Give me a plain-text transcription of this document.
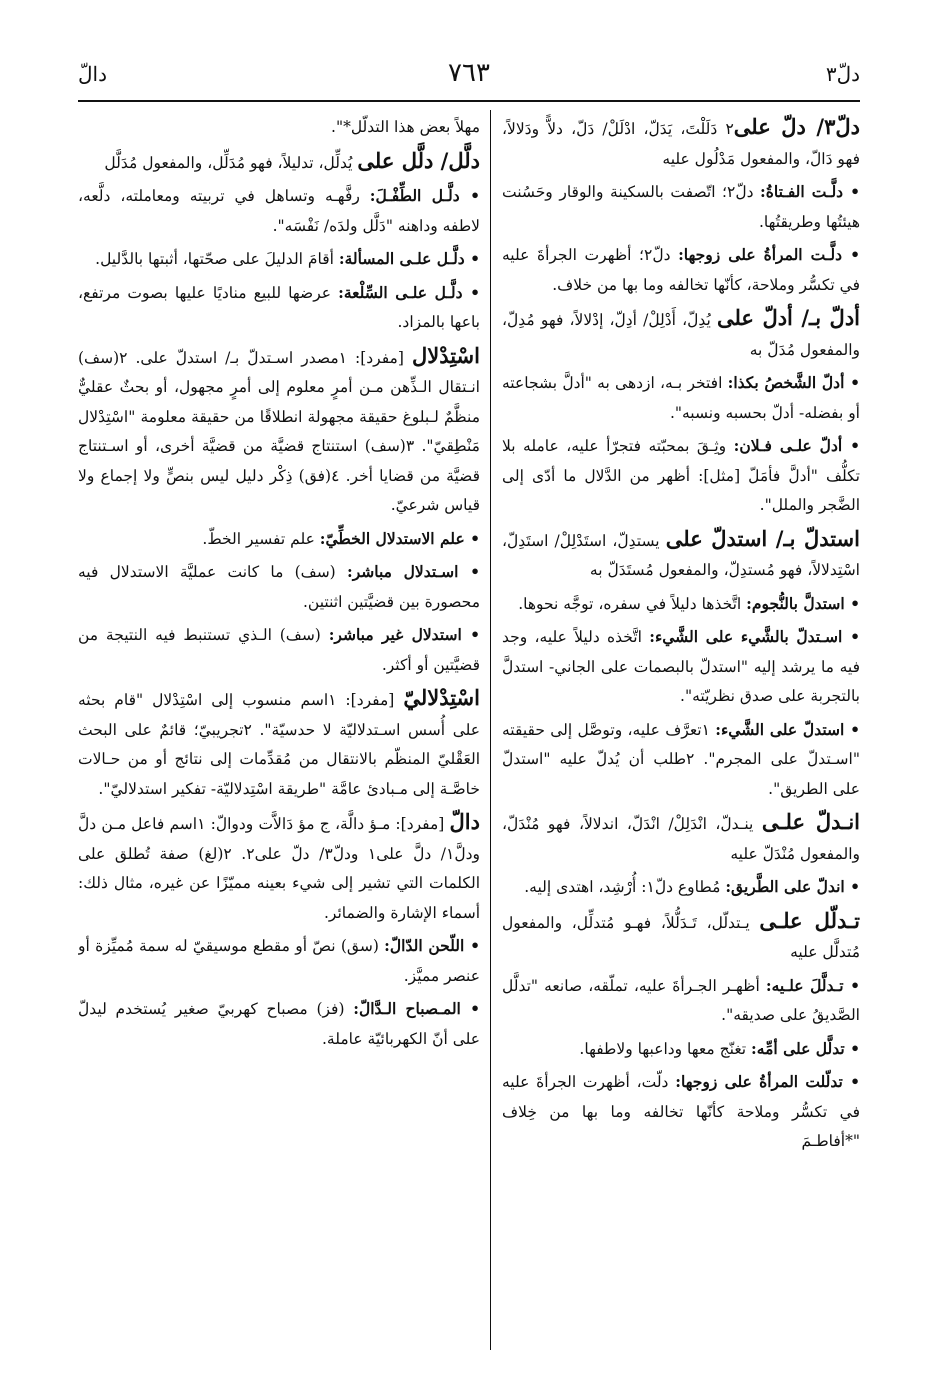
دالّ	٧٦٣	دلّ٣

دلّ٣/ دلّ على٢ دَلَلْتَ، يَدَلّ، ادْلَلْ/ دَلّ، دلاًّ ودَلالاً، فهو دَالّ، والمفعول مَدْلُول عليه

• دلَّـت الفـتاةُ: دلّ٢؛ اتّصفت بالسكينة والوقار وحَسُنت هيئتُها وطريقتُها.

• دلَّـت المرأةُ على زوجها: دلّ٢؛ أظهرت الجرأةَ عليه في تكسُّر وملاحة، كأنّها تخالفه وما بها من خلاف.

أدلّ بـ/ أدلّ على يُدِلّ، أَدْلِلْ/ أدِلّ، إدْلالاً، فهو مُدِلّ، والمفعول مُدَلّ به

• أدلّ الشَّخصُ بكذا: افتخر بـه، ازدهى به "أدلَّ بشجاعته أو بفضله- أدلّ بحسبه ونسبه".

• أدلّ علـى فـلان: وثِـقَ بمحبّته فتجرّأ عليه، عامله بلا تكلُّف "أدلَّ فأمَلّ [مثل]: أظهر من الدَّلال ما أدّى إلى الضَّجر والملل".

استدلّ بـ/ استدلّ على يستدِلّ، استَدْلِلْ/ استَدِلّ، اسْتِدلالاً، فهو مُستدِلّ، والمفعول مُستَدَلّ به

• استدلَّ بالنُّجوم: اتَّخذها دليلاً في سفره، توجَّه نحوها.

• اسـتدلّ بالشَّيء على الشَّيء: اتَّخذه دليلاً عليه، وجد فيه ما يرشد إليه "استدلّ بالبصمات على الجاني- استدلَّ بالتجربة على صدق نظريّته".

• استدلّ على الشَّيء: ١تعرَّف عليه، وتوصَّل إلى حقيقته "اسـتدلّ على المجرم". ٢طلب أن يُدلّ عليه "استدلّ على الطريق".

انـدلّ علـى ينـدلّ، انْدَلِلْ/ انْدَلّ، اندلالاً، فهو مُنْدَلّ، والمفعول مُنْدَلّ عليه

• اندلّ على الطَّريق: مُطاوع دلّ١: أُرْشِد، اهتدى إليه.

تـدلّل علـى يـتدلّل، تَـدَلُّلاً، فهـو مُتدلِّل، والمفعول مُتدلَّل عليه

• تـدلَّلَ علـيه: أظهـر الجـرأةَ عليه، تملّقه، صانعه "تدلَّل الصَّديقُ على صديقه".

• تدلَّل على أمِّه: تغنّج معها وداعبها ولاطفها.

• تدلّلت المرأةُ على زوجها: دلّت، أظهرت الجرأةَ عليه في تكسُّر وملاحة كأنّها تخالفه وما بها من خِلاف "*أفاطـمَ

مهلاً بعض هذا التدلّل*".

دلَّل/ دلَّل على يُدلِّل، تدليلاً، فهو مُدَلِّل، والمفعول مُدَلَّل

• دلَّـل الطِّفْـلَ: رفَّهـه وتساهل في تربيته ومعاملته، دلَّعه، لاطفه وداهنه "دَلَّل ولدَه/ نَفْسَه".

• دلَّـل علـى المسألة: أقامَ الدليلَ على صحّتها، أثبتها بالدَّليل.

• دلَّـل علـى السِّلْعة: عرضها للبيع مناديًا عليها بصوت مرتفع، باعها بالمزاد.

اسْتِدْلال [مفرد]: ١مصدر اسـتدلّ بـ/ استدلّ على. ٢(سف) انـتقال الـذِّهن مـن أمرٍ معلوم إلى أمرٍ مجهول، أو بحثٌ عقليٌّ منظَّمٌ لـبلوغ حقيقة مجهولة انطلاقًا من حقيقة معلومة "اسْتِدْلال مَنْطِقيّ". ٣(سف) استنتاج قضيَّة من قضيَّة أخرى، أو اسـتنتاج قضيَّة من قضايا أخر. ٤(فق) ذِكْر دليل ليس بنصٍّ ولا إجماع ولا قياس شرعيّ.

• علم الاستدلال الخطِّيّ: علم تفسير الخطّ.

• اسـتدلال مباشر: (سف) ما كانت عمليَّة الاستدلال فيه محصورة بين قضيَّتين اثنتين.

• استدلال غير مباشر: (سف) الـذي تستنبط فيه النتيجة من قضيَّتين أو أكثر.

اسْتِدْلاليّ [مفرد]: ١اسم منسوب إلى اسْتِدْلال "قام بحثه على أُسس اسـتدلاليّة لا حدسيّة". ٢تجريبيّ؛ قائمٌ على البحث العَقْليّ المنظّم بالانتقال من مُقدِّمات إلى نتائج أو من حـالات خاصَّـة إلى مـبادئ عامَّة "طريقة اسْتِدلاليّة- تفكير استدلاليّ".

دالّ [مفرد]: مـؤ دالَّة، ج مؤ دَالاَّت ودوالّ: ١اسم فاعل مـن دلَّ ودلَّ١/ دلَّ على١ ودلّ٣/ دلّ على٢. ٢(لغ) صفة تُطلق على الكلمات التي تشير إلى شيء بعينه مميّزًا عن غيره، مثال ذلك: أسماء الإشارة والضمائر.

• اللّحن الدّالّ: (سق) نصّ أو مقطع موسيقيّ له سمة مُميِّزة أو عنصر مميَّز.

• المـصباح الـدَّالّ: (فز) مصباح كهربيّ صغير يُستخدم ليدلّ على أنّ الكهربائيّة عاملة.
